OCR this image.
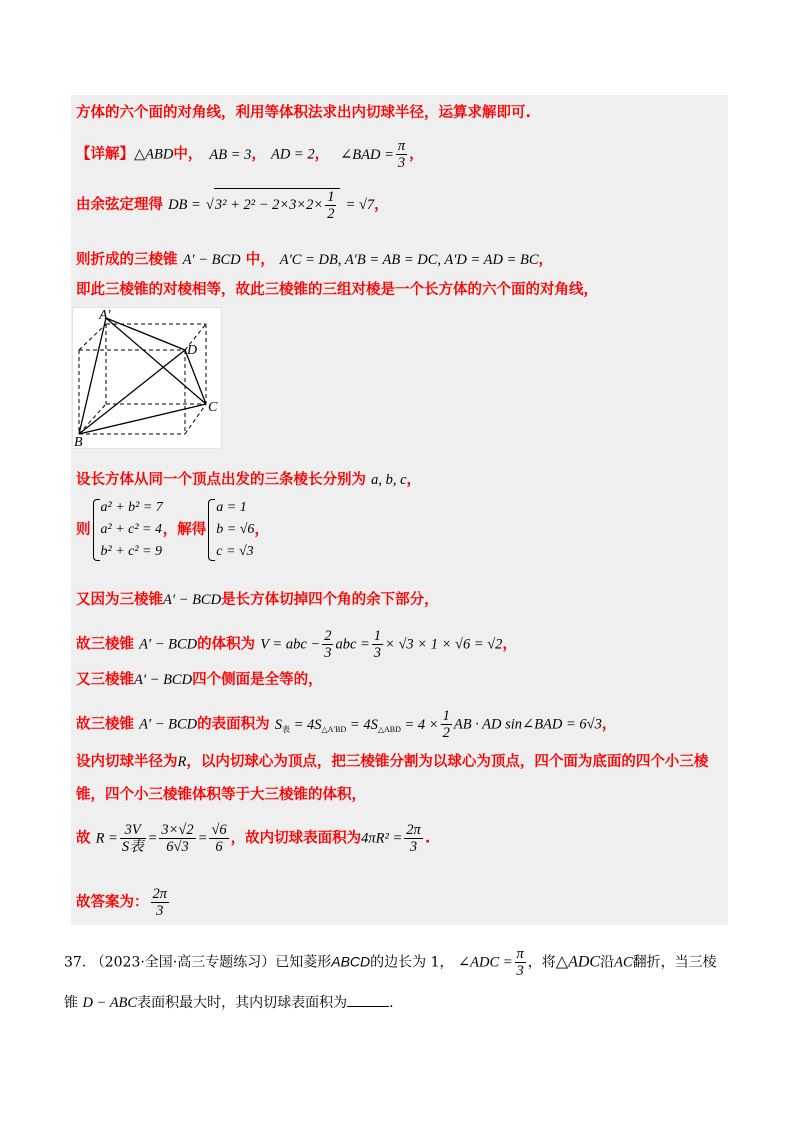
方体的六个面的对角线，利用等体积法求出内切球半径，运算求解即可.
【详解】△ABD中， AB = 3， AD = 2， ∠BAD = $\frac{\pi}{3}$ ，
由余弦定理得 DB = $√3^2 + 2^2 - 2\times 3\times 2\times \frac{1}{2} = √7$，
则折成的三棱锥 A′ − BCD 中， A′C = DB, A′B = AB = DC, A′D = AD = BC，
即此三棱锥的对棱相等，故此三棱锥的三组对棱是一个长方体的六个面的对角线，
A′
D
C
B
设长方体从同一个顶点出发的三条棱长分别为 a, b, c，
则
a² + b² = 7
a² + c² = 4
b² + c² = 9
，解得
a = 1
b = √6
c = √3
，
又因为三棱锥A′ − BCD是长方体切掉四个角的余下部分，
故三棱锥 A′ − BCD的体积为 V = abc − $\frac{2}{3}$ abc = $\frac{1}{3} \times √3 \times 1 \times √6 = √2$，
又三棱锥A′ − BCD四个侧面是全等的，
故三棱锥 A′ − BCD的表面积为 $S_表 = 4S_{\triangle A'BD} = 4S_{\triangle ABD} = 4 \times \frac{1}{2}$ AB · AD sin∠BAD = 6√3，
设内切球半径为R，以内切球心为顶点，把三棱锥分割为以球心为顶点，四个面为底面的四个小三棱
锥，四个小三棱锥体积等于大三棱锥的体积，
故 $R = \frac{3V}{\text{S表}} = \frac{3\times√2}{6√3} = \frac{√6}{6}$ ，故内切球表面积为$4\pi R^2 = \frac{2\pi}{3}$ .
故答案为： $\frac{2\pi}{3}$
37. （2023·全国·高三专题练习）已知菱形ABCD的边长为 1， ∠ADC = $\frac{\pi}{3}$ ，将△ADC沿AC翻折，当三棱
锥 D − ABC表面积最大时，其内切球表面积为	.
